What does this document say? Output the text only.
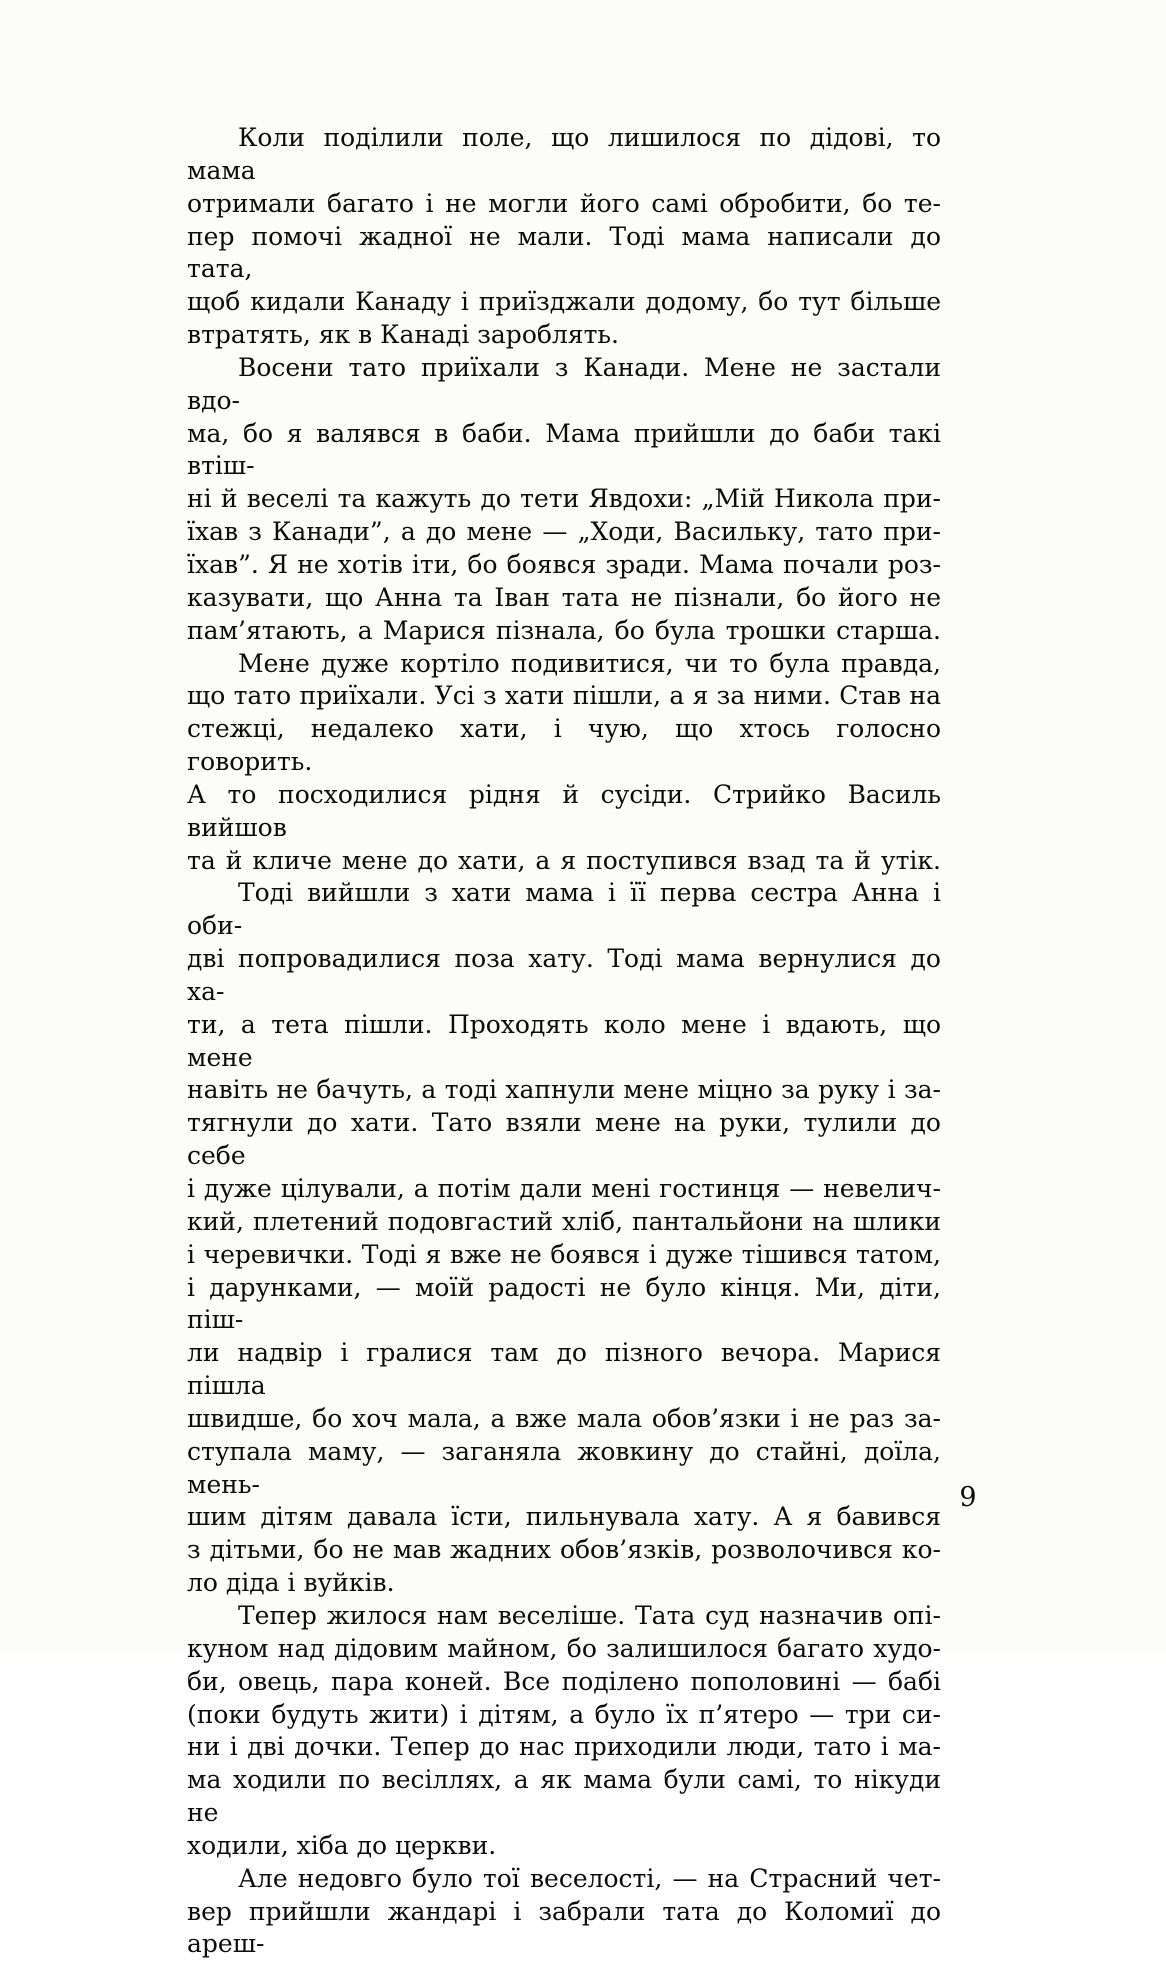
Коли поділили поле, що лишилося по дідові, то мама
отримали багато і не могли його самі обробити, бо те-
пер помочі жадної не мали. Тоді мама написали до тата,
щоб кидали Канаду і приїзджали додому, бо тут більше
втратять, як в Канаді зароблять.
Восени тато приїхали з Канади. Мене не застали вдо-
ма, бо я валявся в баби. Мама прийшли до баби такі втіш-
ні й веселі та кажуть до тети Явдохи: „Мій Никола при-
їхав з Канади”, а до мене — „Ходи, Васильку, тато при-
їхав”. Я не хотів іти, бо боявся зради. Мама почали роз-
казувати, що Анна та Іван тата не пізнали, бо його не
пам’ятають, а Марися пізнала, бо була трошки старша.
Мене дуже кортіло подивитися, чи то була правда,
що тато приїхали. Усі з хати пішли, а я за ними. Став на
стежці, недалеко хати, і чую, що хтось голосно говорить.
А то посходилися рідня й сусіди. Стрийко Василь вийшов
та й кличе мене до хати, а я поступився взад та й утік.
Тоді вийшли з хати мама і її перва сестра Анна і оби-
дві попровадилися поза хату. Тоді мама вернулися до ха-
ти, а тета пішли. Проходять коло мене і вдають, що мене
навіть не бачуть, а тоді хапнули мене міцно за руку і за-
тягнули до хати. Тато взяли мене на руки, тулили до себе
і дуже цілували, а потім дали мені гостинця — невелич-
кий, плетений подовгастий хліб, пантальйони на шлики
і черевички. Тоді я вже не боявся і дуже тішився татом,
і дарунками, — моїй радості не було кінця. Ми, діти, піш-
ли надвір і гралися там до пізного вечора. Марися пішла
швидше, бо хоч мала, а вже мала обов’язки і не раз за-
ступала маму, — заганяла жовкину до стайні, доїла, мень-
шим дітям давала їсти, пильнувала хату. А я бавився
з дітьми, бо не мав жадних обов’язків, розволочився ко-
ло діда і вуйків.
Тепер жилося нам веселіше. Тата суд назначив опі-
куном над дідовим майном, бо залишилося багато худо-
би, овець, пара коней. Все поділено пополовині — бабі
(поки будуть жити) і дітям, а було їх п’ятеро — три си-
ни і дві дочки. Тепер до нас приходили люди, тато і ма-
ма ходили по весіллях, а як мама були самі, то нікуди не
ходили, хіба до церкви.
Але недовго було тої веселості, — на Страсний чет-
вер прийшли жандарі і забрали тата до Коломиї до ареш-
9
